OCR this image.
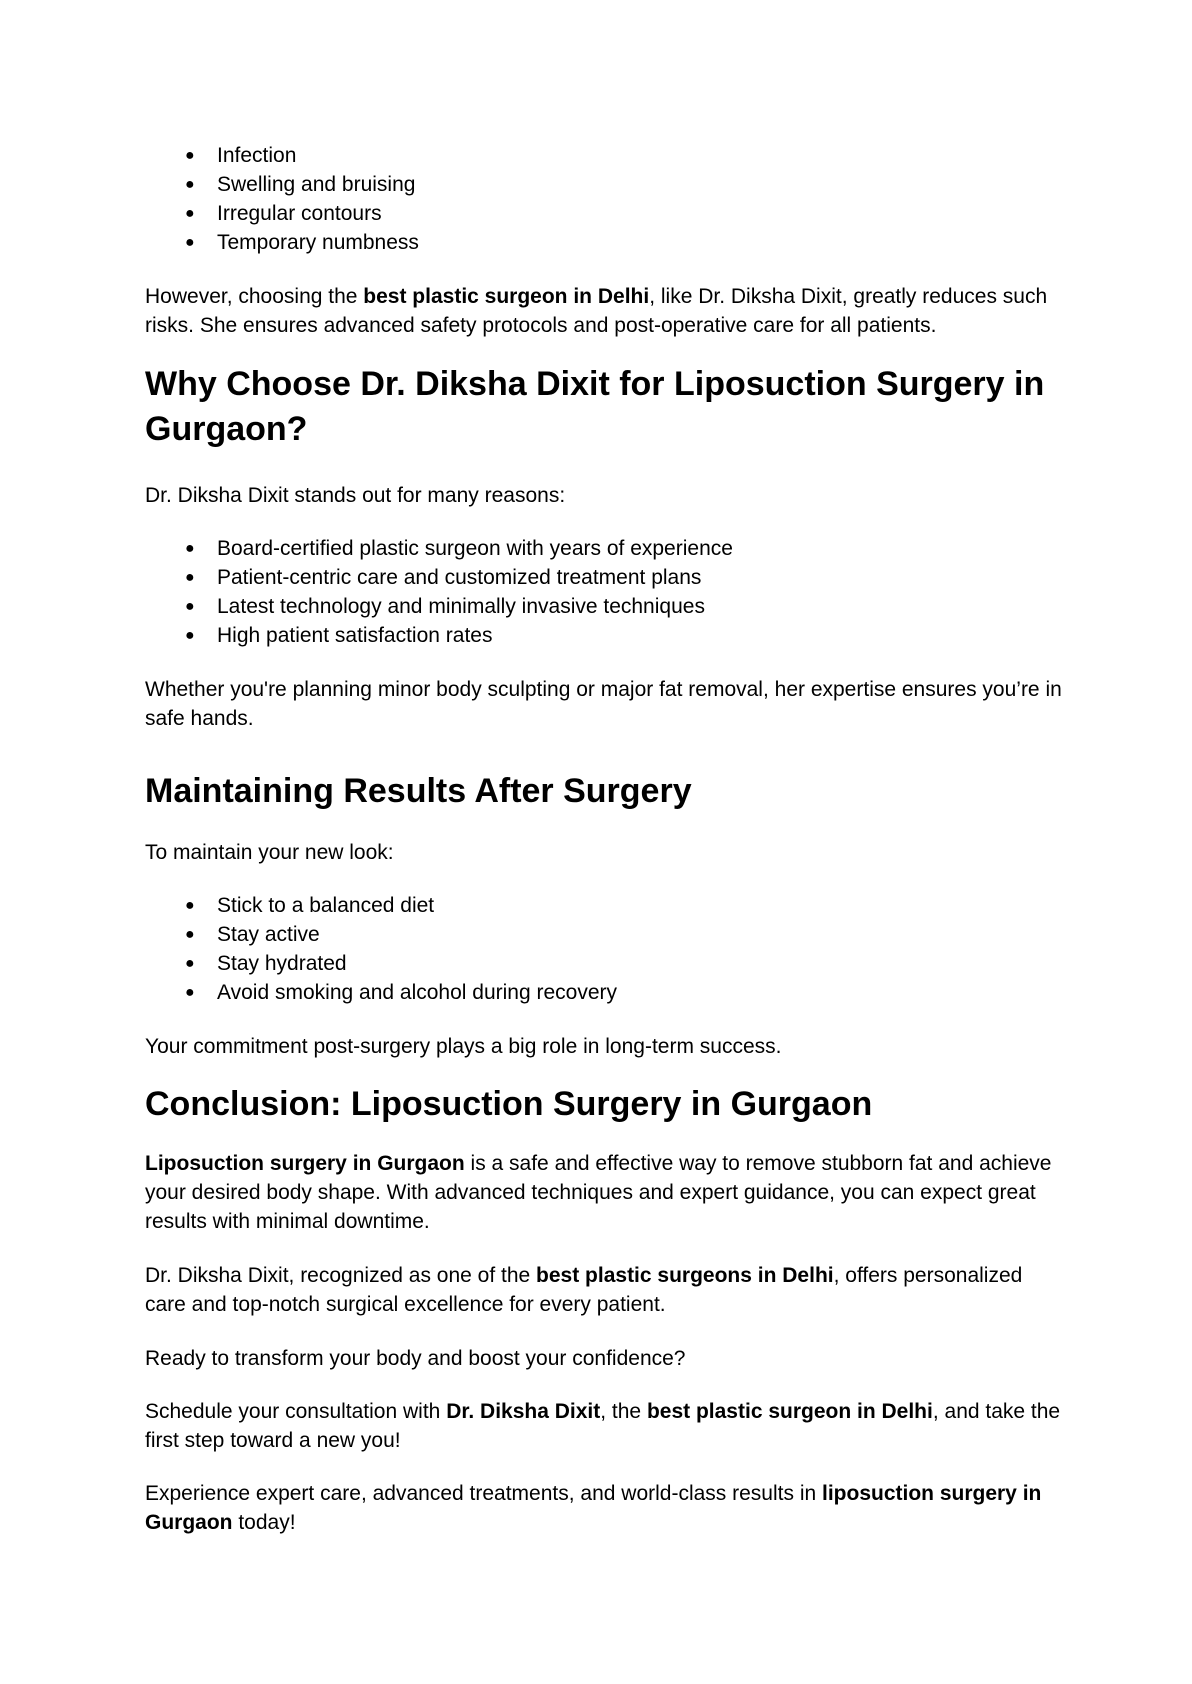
● Infection
● Swelling and bruising
● Irregular contours
● Temporary numbness

However, choosing the best plastic surgeon in Delhi, like Dr. Diksha Dixit, greatly reduces such risks. She ensures advanced safety protocols and post-operative care for all patients.

Why Choose Dr. Diksha Dixit for Liposuction Surgery in Gurgaon?

Dr. Diksha Dixit stands out for many reasons:

● Board-certified plastic surgeon with years of experience
● Patient-centric care and customized treatment plans
● Latest technology and minimally invasive techniques
● High patient satisfaction rates

Whether you're planning minor body sculpting or major fat removal, her expertise ensures you’re in safe hands.

Maintaining Results After Surgery

To maintain your new look:

● Stick to a balanced diet
● Stay active
● Stay hydrated
● Avoid smoking and alcohol during recovery

Your commitment post-surgery plays a big role in long-term success.

Conclusion: Liposuction Surgery in Gurgaon

Liposuction surgery in Gurgaon is a safe and effective way to remove stubborn fat and achieve your desired body shape. With advanced techniques and expert guidance, you can expect great results with minimal downtime.

Dr. Diksha Dixit, recognized as one of the best plastic surgeons in Delhi, offers personalized care and top-notch surgical excellence for every patient.

Ready to transform your body and boost your confidence?

Schedule your consultation with Dr. Diksha Dixit, the best plastic surgeon in Delhi, and take the first step toward a new you!

Experience expert care, advanced treatments, and world-class results in liposuction surgery in Gurgaon today!
